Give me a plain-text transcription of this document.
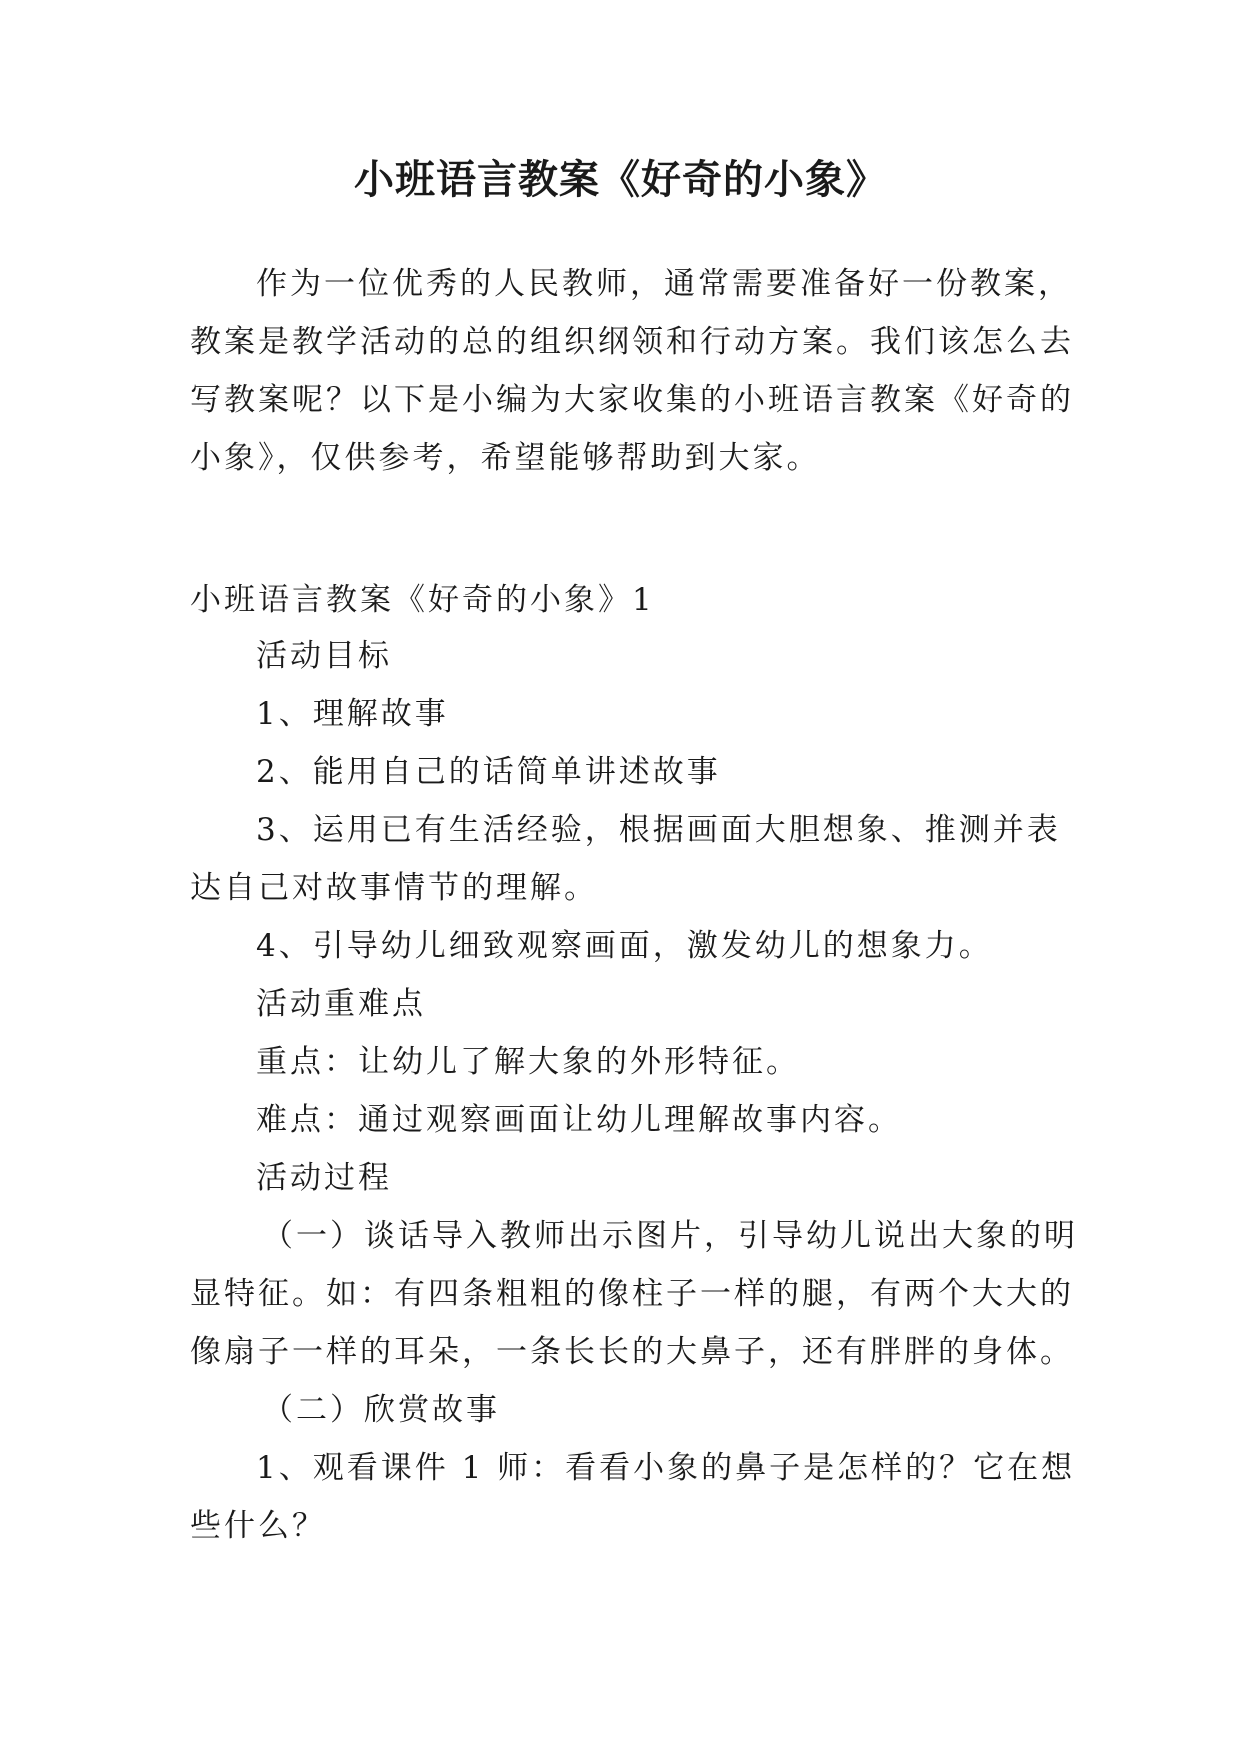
小班语言教案《好奇的小象》
作为一位优秀的人民教师，通常需要准备好一份教案，
教案是教学活动的总的组织纲领和行动方案。我们该怎么去
写教案呢？以下是小编为大家收集的小班语言教案《好奇的
小象》，仅供参考，希望能够帮助到大家。
小班语言教案《好奇的小象》1
活动目标
1、理解故事
2、能用自己的话简单讲述故事
3、运用已有生活经验，根据画面大胆想象、推测并表
达自己对故事情节的理解。
4、引导幼儿细致观察画面，激发幼儿的想象力。
活动重难点
重点：让幼儿了解大象的外形特征。
难点：通过观察画面让幼儿理解故事内容。
活动过程
（一）谈话导入教师出示图片，引导幼儿说出大象的明
显特征。如：有四条粗粗的像柱子一样的腿，有两个大大的
像扇子一样的耳朵，一条长长的大鼻子，还有胖胖的身体。
（二）欣赏故事
1、观看课件 1 师：看看小象的鼻子是怎样的？它在想
些什么？
